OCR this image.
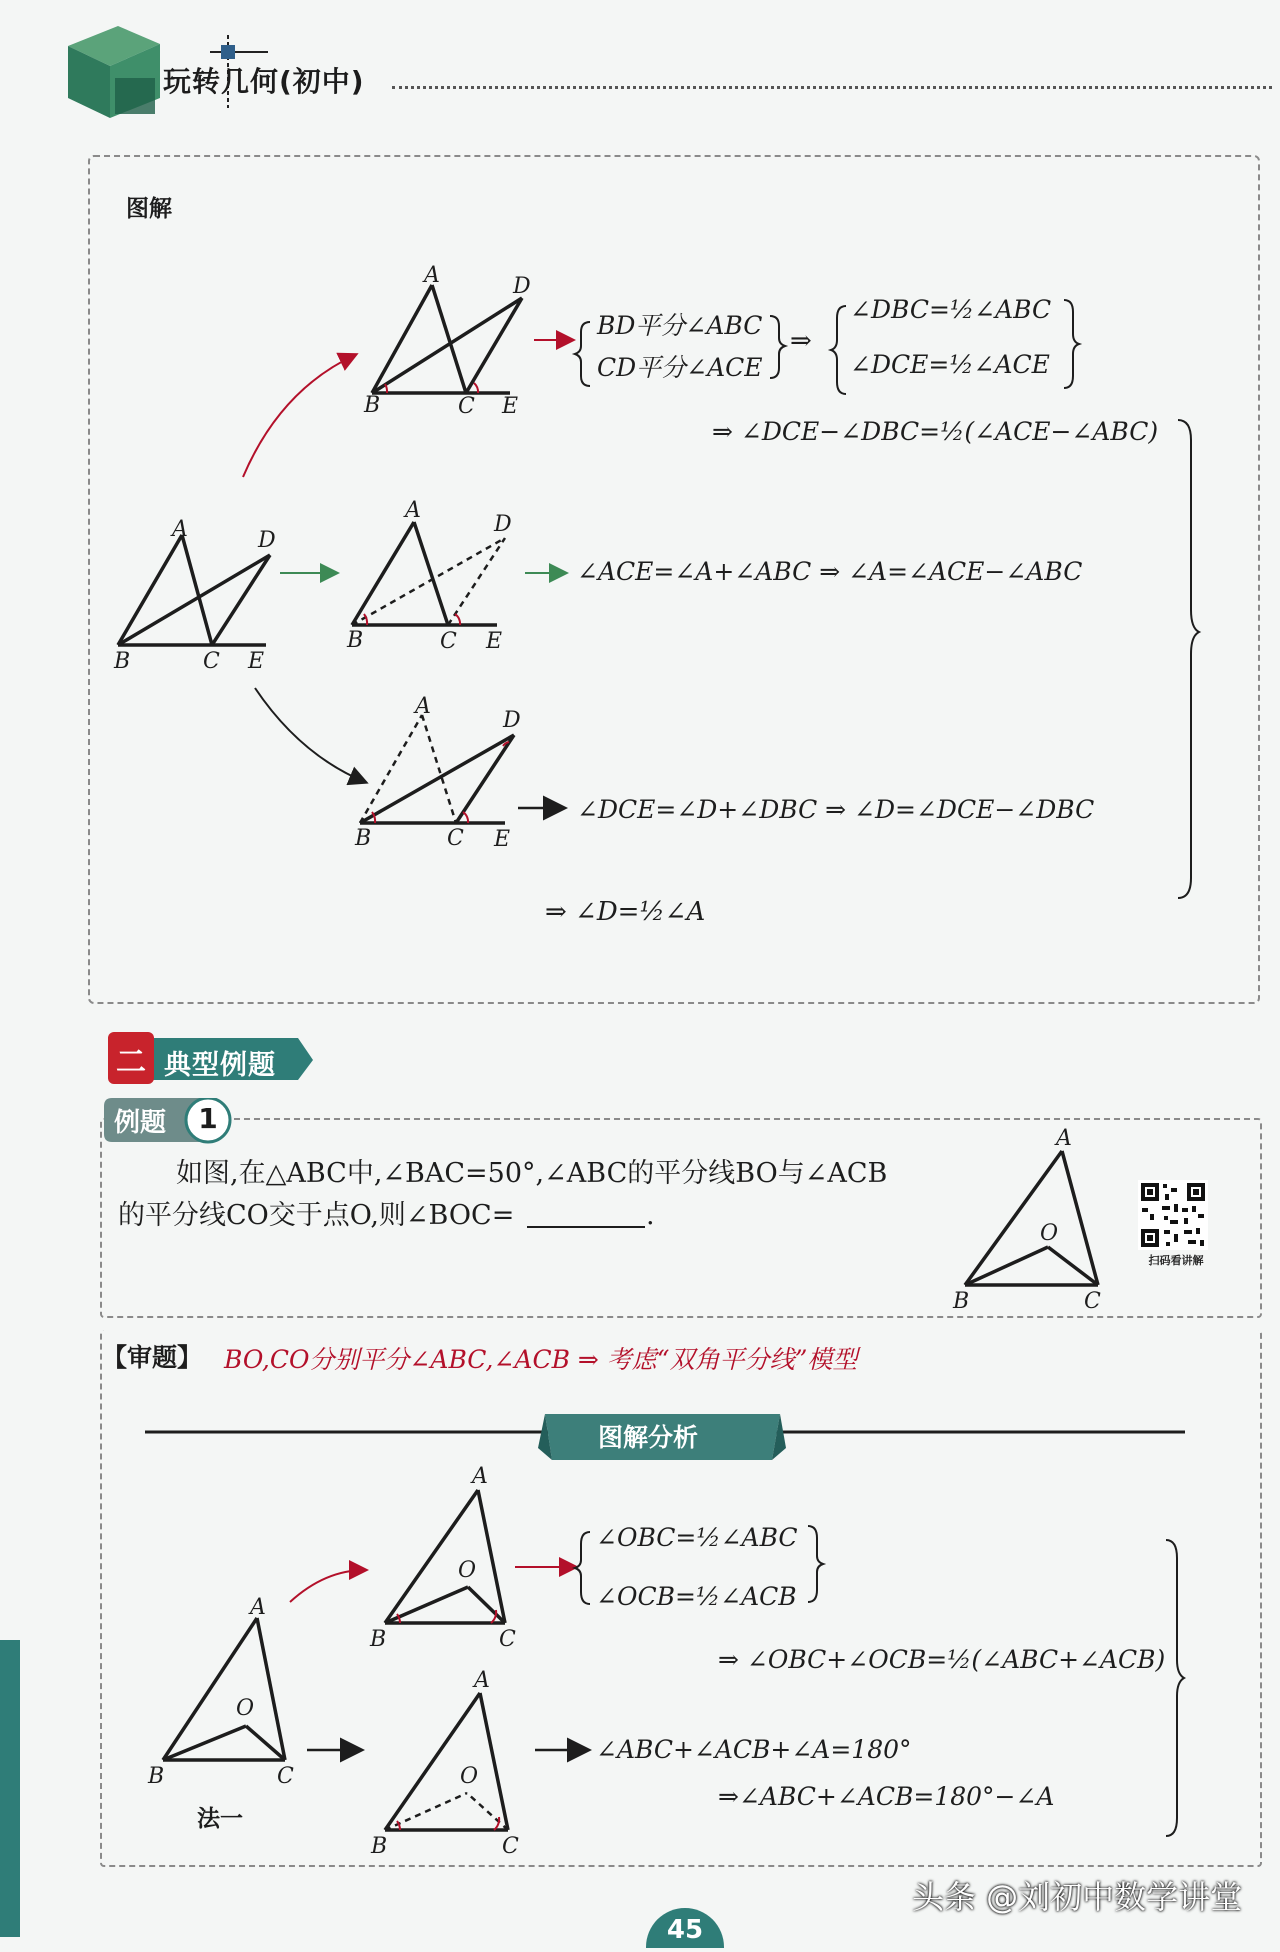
玩转几何(初中)
图解
A	D
B	C E
A	D
B	C E
A
D
B	C E
A
D
B	C E
BD平分∠ABC
CD平分∠ACE
⇒
∠DBC=½∠ABC
∠DCE=½∠ACE
⇒ ∠DCE−∠DBC=½(∠ACE−∠ABC)
∠ACE=∠A+∠ABC ⇒ ∠A=∠ACE−∠ABC
∠DCE=∠D+∠DBC ⇒ ∠D=∠DCE−∠DBC
⇒ ∠D=½∠A
二 典型例题
例题 1
如图,在△ABC中,∠BAC=50°,∠ABC的平分线BO与∠ACB
的平分线CO交于点O,则∠BOC=	.
A
O
B	C
扫码看讲解
【审题】 BO,CO分别平分∠ABC,∠ACB ⇒ 考虑“双角平分线”模型
图解分析
A
O
B	C
A
O
B	C
A
O
B	C
∠OBC=½∠ABC
∠OCB=½∠ACB
⇒ ∠OBC+∠OCB=½(∠ABC+∠ACB)
∠ABC+∠ACB+∠A=180°
⇒∠ABC+∠ACB=180°−∠A
法一
45
头条 @刘初中数学讲堂
